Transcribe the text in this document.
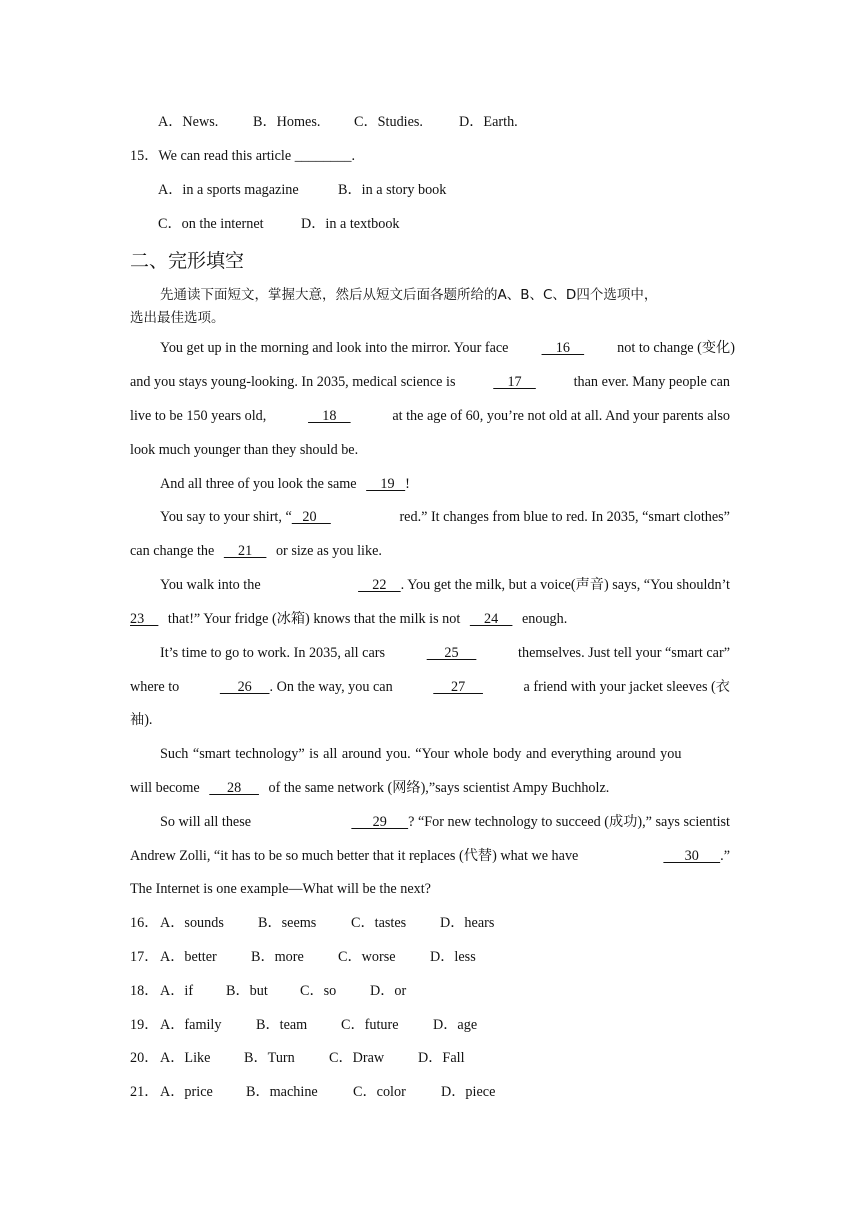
A．News. B．Homes. C．Studies.	D．Earth.
15．We can read this article ________.
A．in a sports magazine	B．in a story book
C．on the internet	D．in a textbook
二、完形填空
先通读下面短文，掌握大意，然后从短文后面各题所给的A、B、C、D四个选项中，
选出最佳选项。
You get up in the morning and look into the mirror. Your face 16 not to change (变化)
and you stays young-looking. In 2035, medical science is	17	than ever. Many people can
live to be 150 years old,	18	at the age of 60, you’re not old at all. And your parents also
look much younger than they should be.
And all three of you look the same     19   !
You say to your shirt, “   20	red.” It changes from blue to red. In 2035, “smart clothes”
can change the     21     or size as you like.
You walk into the	22    . You get the milk, but a voice(声音) says, “You shouldn’t
23     that!” Your fridge (冰箱) knows that the milk is not     24     enough.
It’s time to go to work. In 2035, all cars	25	themselves. Just tell your “smart car”
where to	26     . On the way, you can	27	a friend with your jacket sleeves (衣
袖).
Such “smart technology” is all around you. “Your whole body and everything around you
will become      28      of the same network (网络),”says scientist Ampy Buchholz.
So will all these	29      ? “For new technology to succeed (成功),” says scientist
Andrew Zolli, “it has to be so much better that it replaces (代替) what we have	30      .”
The Internet is one example—What will be the next?
16． A．sounds B．seems C．tastes D．hears
17． A．better B．more C．worse D．less
18． A．if B．but C．so D．or
19． A．family B．team C．future D．age
20． A．Like B．Turn C．Draw D．Fall
21． A．price B．machine C．color D．piece
